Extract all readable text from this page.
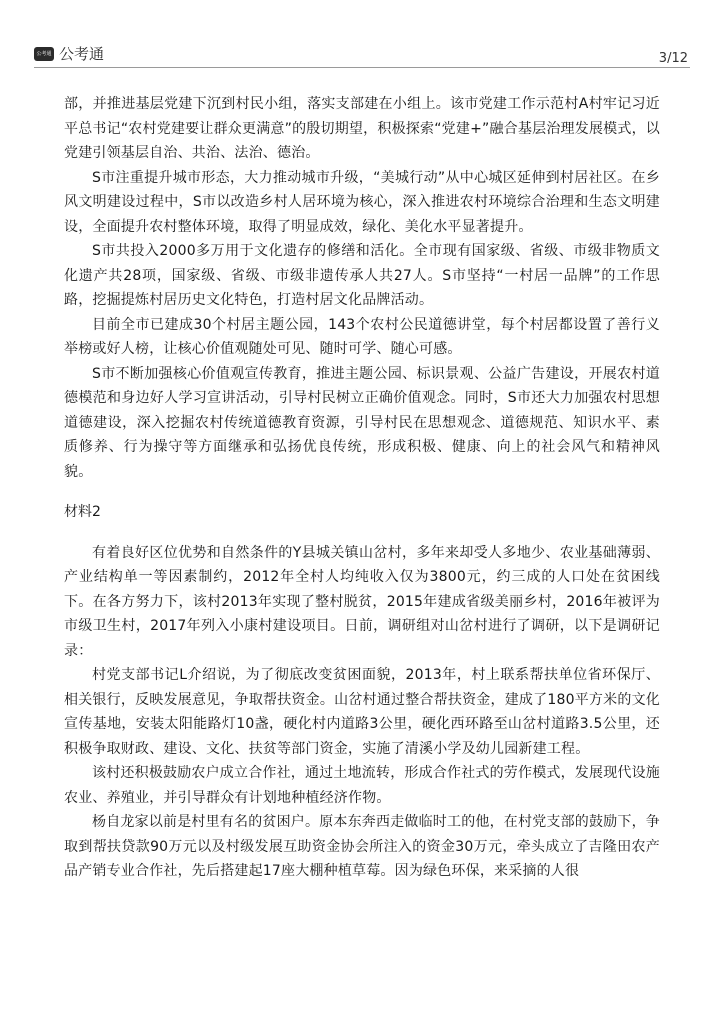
公考通 公考通	3/12

部，并推进基层党建下沉到村民小组，落实支部建在小组上。该市党建工作示范村A村牢记习近平总书记“农村党建要让群众更满意”的殷切期望，积极探索“党建+”融合基层治理发展模式，以党建引领基层自治、共治、法治、德治。

S市注重提升城市形态，大力推动城市升级，“美城行动”从中心城区延伸到村居社区。在乡风文明建设过程中，S市以改造乡村人居环境为核心，深入推进农村环境综合治理和生态文明建设，全面提升农村整体环境，取得了明显成效，绿化、美化水平显著提升。

S市共投入2000多万用于文化遗存的修缮和活化。全市现有国家级、省级、市级非物质文化遗产共28项，国家级、省级、市级非遗传承人共27人。S市坚持“一村居一品牌”的工作思路，挖掘提炼村居历史文化特色，打造村居文化品牌活动。

目前全市已建成30个村居主题公园，143个农村公民道德讲堂，每个村居都设置了善行义举榜或好人榜，让核心价值观随处可见、随时可学、随心可感。

S市不断加强核心价值观宣传教育，推进主题公园、标识景观、公益广告建设，开展农村道德模范和身边好人学习宣讲活动，引导村民树立正确价值观念。同时，S市还大力加强农村思想道德建设，深入挖掘农村传统道德教育资源，引导村民在思想观念、道德规范、知识水平、素质修养、行为操守等方面继承和弘扬优良传统，形成积极、健康、向上的社会风气和精神风貌。

材料2

有着良好区位优势和自然条件的Y县城关镇山岔村，多年来却受人多地少、农业基础薄弱、产业结构单一等因素制约，2012年全村人均纯收入仅为3800元，约三成的人口处在贫困线下。在各方努力下，该村2013年实现了整村脱贫，2015年建成省级美丽乡村，2016年被评为市级卫生村，2017年列入小康村建设项目。日前，调研组对山岔村进行了调研，以下是调研记录：

村党支部书记L介绍说，为了彻底改变贫困面貌，2013年，村上联系帮扶单位省环保厅、相关银行，反映发展意见，争取帮扶资金。山岔村通过整合帮扶资金，建成了180平方米的文化宣传基地，安装太阳能路灯10盏，硬化村内道路3公里，硬化西环路至山岔村道路3.5公里，还积极争取财政、建设、文化、扶贫等部门资金，实施了清溪小学及幼儿园新建工程。

该村还积极鼓励农户成立合作社，通过土地流转，形成合作社式的劳作模式，发展现代设施农业、养殖业，并引导群众有计划地种植经济作物。

杨自龙家以前是村里有名的贫困户。原本东奔西走做临时工的他，在村党支部的鼓励下，争取到帮扶贷款90万元以及村级发展互助资金协会所注入的资金30万元，牵头成立了吉隆田农产品产销专业合作社，先后搭建起17座大棚种植草莓。因为绿色环保，来采摘的人很
